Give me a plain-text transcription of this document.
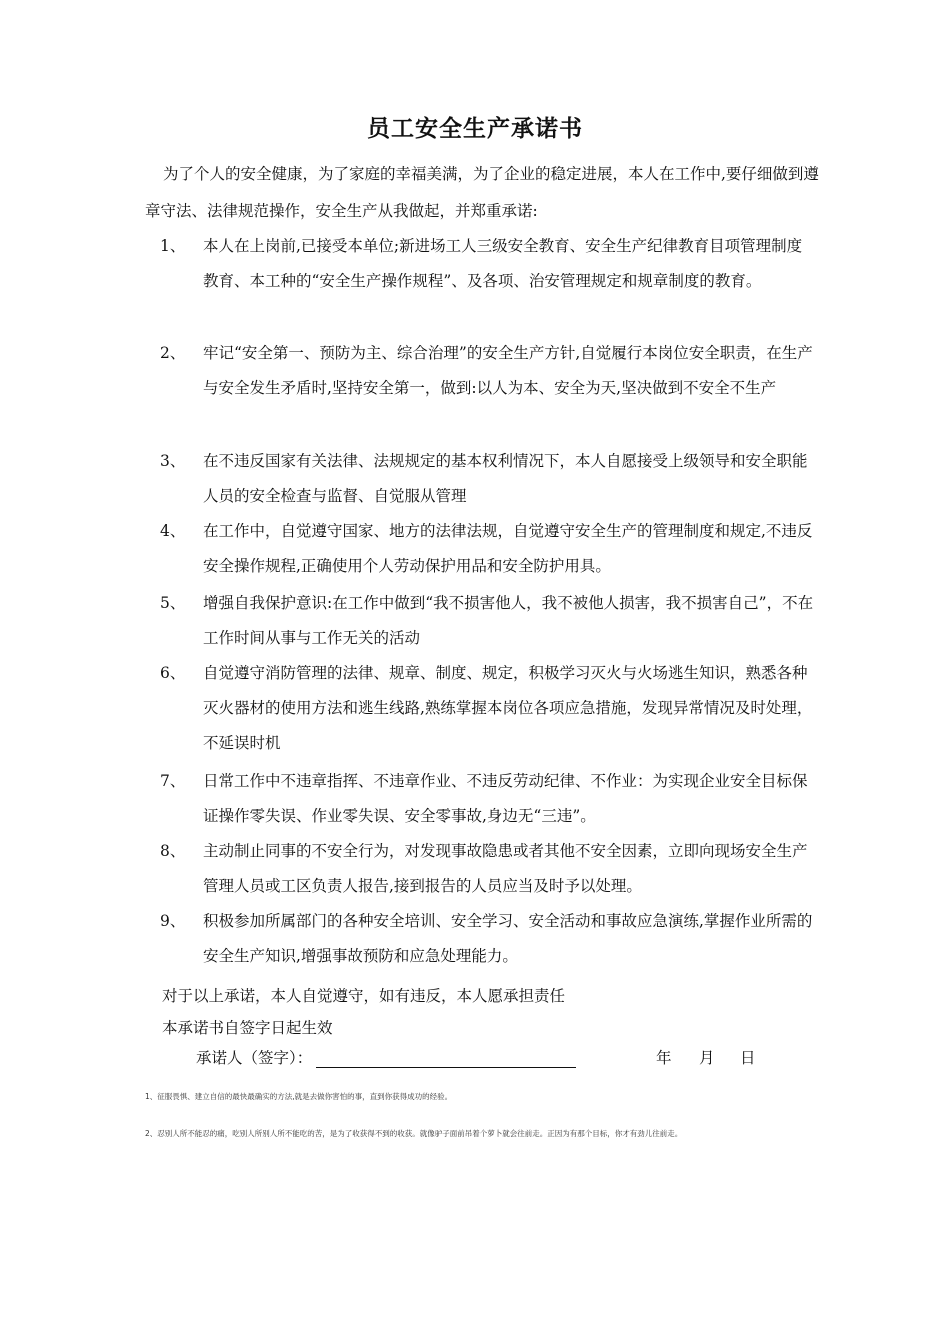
员工安全生产承诺书
为了个人的安全健康，为了家庭的幸福美满，为了企业的稳定进展，本人在工作中,要仔细做到遵章守法、法律规范操作，安全生产从我做起，并郑重承诺:
1、	本人在上岗前,已接受本单位;新进场工人三级安全教育、安全生产纪律教育目项管理制度教育、本工种的“安全生产操作规程”、及各项、治安管理规定和规章制度的教育。
2、	牢记“安全第一、预防为主、综合治理”的安全生产方针,自觉履行本岗位安全职责，在生产与安全发生矛盾时,坚持安全第一，做到:以人为本、安全为天,坚决做到不安全不生产
3、	在不违反国家有关法律、法规规定的基本权利情况下，本人自愿接受上级领导和安全职能人员的安全检查与监督、自觉服从管理
4、	在工作中，自觉遵守国家、地方的法律法规，自觉遵守安全生产的管理制度和规定,不违反安全操作规程,正确使用个人劳动保护用品和安全防护用具。
5、	增强自我保护意识:在工作中做到“我不损害他人，我不被他人损害，我不损害自己”，不在工作时间从事与工作无关的活动
6、	自觉遵守消防管理的法律、规章、制度、规定，积极学习灭火与火场逃生知识，熟悉各种灭火器材的使用方法和逃生线路,熟练掌握本岗位各项应急措施，发现异常情况及时处理，不延误时机
7、	日常工作中不违章指挥、不违章作业、不违反劳动纪律、不作业：为实现企业安全目标保证操作零失误、作业零失误、安全零事故,身边无“三违”。
8、	主动制止同事的不安全行为，对发现事故隐患或者其他不安全因素，立即向现场安全生产管理人员或工区负责人报告,接到报告的人员应当及时予以处理。
9、	积极参加所属部门的各种安全培训、安全学习、安全活动和事故应急演练,掌握作业所需的安全生产知识,增强事故预防和应急处理能力。
对于以上承诺，本人自觉遵守，如有违反，本人愿承担责任
本承诺书自签字日起生效
承诺人（签字）：	年 月 日
1、征服畏惧、建立自信的最快最确实的方法,就是去做你害怕的事，直到你获得成功的经验。
2、忍别人所不能忍的痛，吃别人所别人所不能吃的苦，是为了收获得不到的收获。就像驴子面前吊着个萝卜就会往前走。正因为有那个目标，你才有劲儿往前走。
